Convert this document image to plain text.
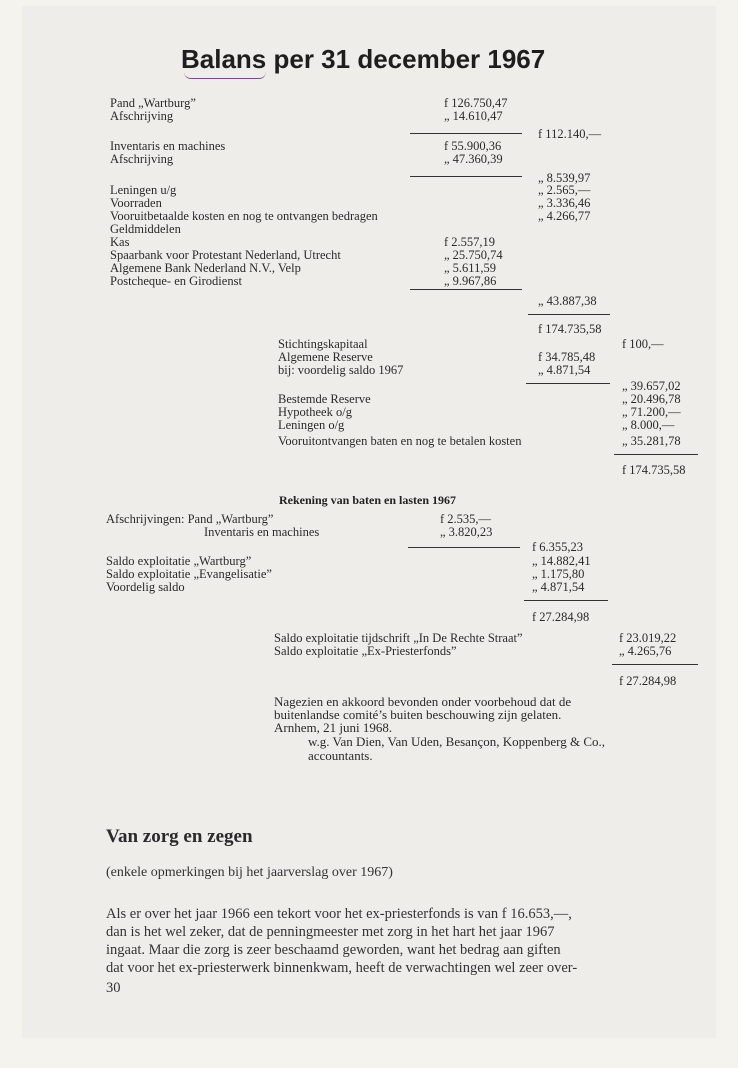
Balans per 31 december 1967
Pand „Wartburg”	f 126.750,47
Afschrijving	„ 14.610,47
f 112.140,—
Inventaris en machines	f 55.900,36
Afschrijving	„ 47.360,39
„ 8.539,97
Leningen u/g	„ 2.565,—
Voorraden	„ 3.336,46
Vooruitbetaalde kosten en nog te ontvangen bedragen	„ 4.266,77
Geldmiddelen
Kas	f 2.557,19
Spaarbank voor Protestant Nederland, Utrecht	„ 25.750,74
Algemene Bank Nederland N.V., Velp	„ 5.611,59
Postcheque- en Girodienst	„ 9.967,86
„ 43.887,38
f 174.735,58
Stichtingskapitaal	f 100,—
Algemene Reserve	f 34.785,48
bij: voordelig saldo 1967	„ 4.871,54
„ 39.657,02
Bestemde Reserve	„ 20.496,78
Hypotheek o/g	„ 71.200,—
Leningen o/g	„ 8.000,—
Vooruitontvangen baten en nog te betalen kosten	„ 35.281,78
f 174.735,58
Rekening van baten en lasten 1967
Afschrijvingen: Pand „Wartburg”	f 2.535,—
Inventaris en machines	„ 3.820,23
f 6.355,23
Saldo exploitatie „Wartburg”	„ 14.882,41
Saldo exploitatie „Evangelisatie”	„ 1.175,80
Voordelig saldo	„ 4.871,54
f 27.284,98
Saldo exploitatie tijdschrift „In De Rechte Straat”	f 23.019,22
Saldo exploitatie „Ex-Priesterfonds”	„ 4.265,76
f 27.284,98
Nagezien en akkoord bevonden onder voorbehoud dat de
buitenlandse comité’s buiten beschouwing zijn gelaten.
Arnhem, 21 juni 1968.
w.g. Van Dien, Van Uden, Besançon, Koppenberg & Co.,
accountants.
Van zorg en zegen
(enkele opmerkingen bij het jaarverslag over 1967)
Als er over het jaar 1966 een tekort voor het ex-priesterfonds is van f 16.653,—,
dan is het wel zeker, dat de penningmeester met zorg in het hart het jaar 1967
ingaat. Maar die zorg is zeer beschaamd geworden, want het bedrag aan giften
dat voor het ex-priesterwerk binnenkwam, heeft de verwachtingen wel zeer over-
30
